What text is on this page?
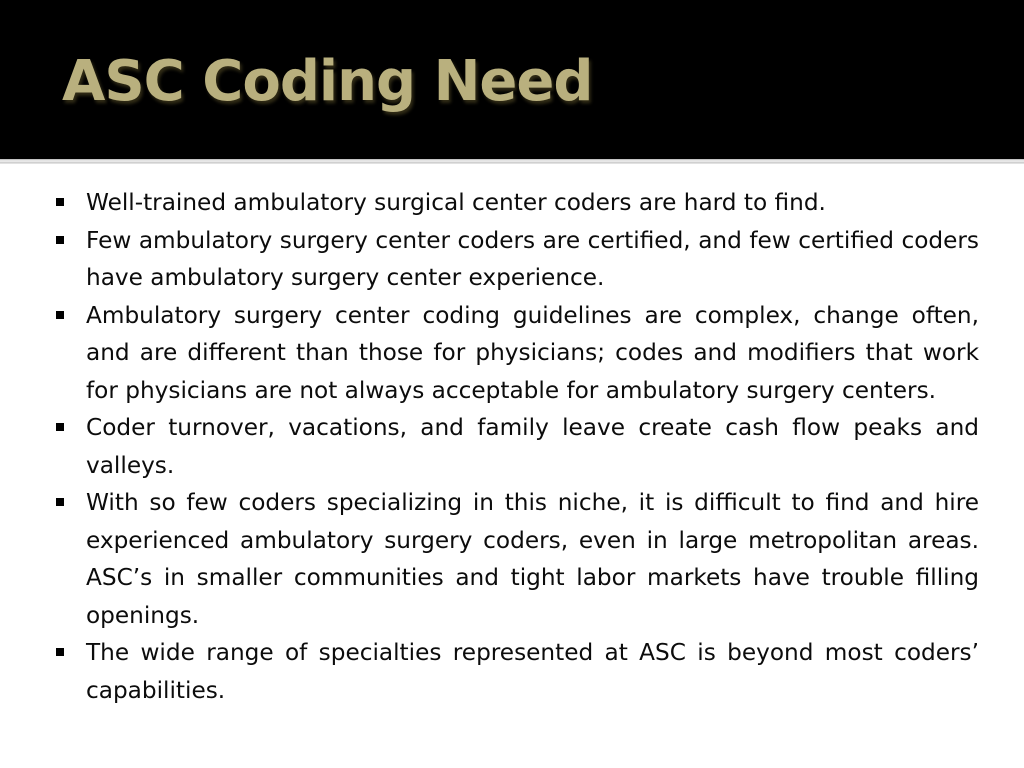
ASC Coding Need
Well-trained ambulatory surgical center coders are hard to find.
Few ambulatory surgery center coders are certified, and few certified coders have ambulatory surgery center experience.
Ambulatory surgery center coding guidelines are complex, change often, and are different than those for physicians; codes and modifiers that work for physicians are not always acceptable for ambulatory surgery centers.
Coder turnover, vacations, and family leave create cash flow peaks and valleys.
With so few coders specializing in this niche, it is difficult to find and hire experienced ambulatory surgery coders, even in large metropolitan areas. ASC’s in smaller communities and tight labor markets have trouble filling openings.
The wide range of specialties represented at ASC is beyond most coders’ capabilities.
